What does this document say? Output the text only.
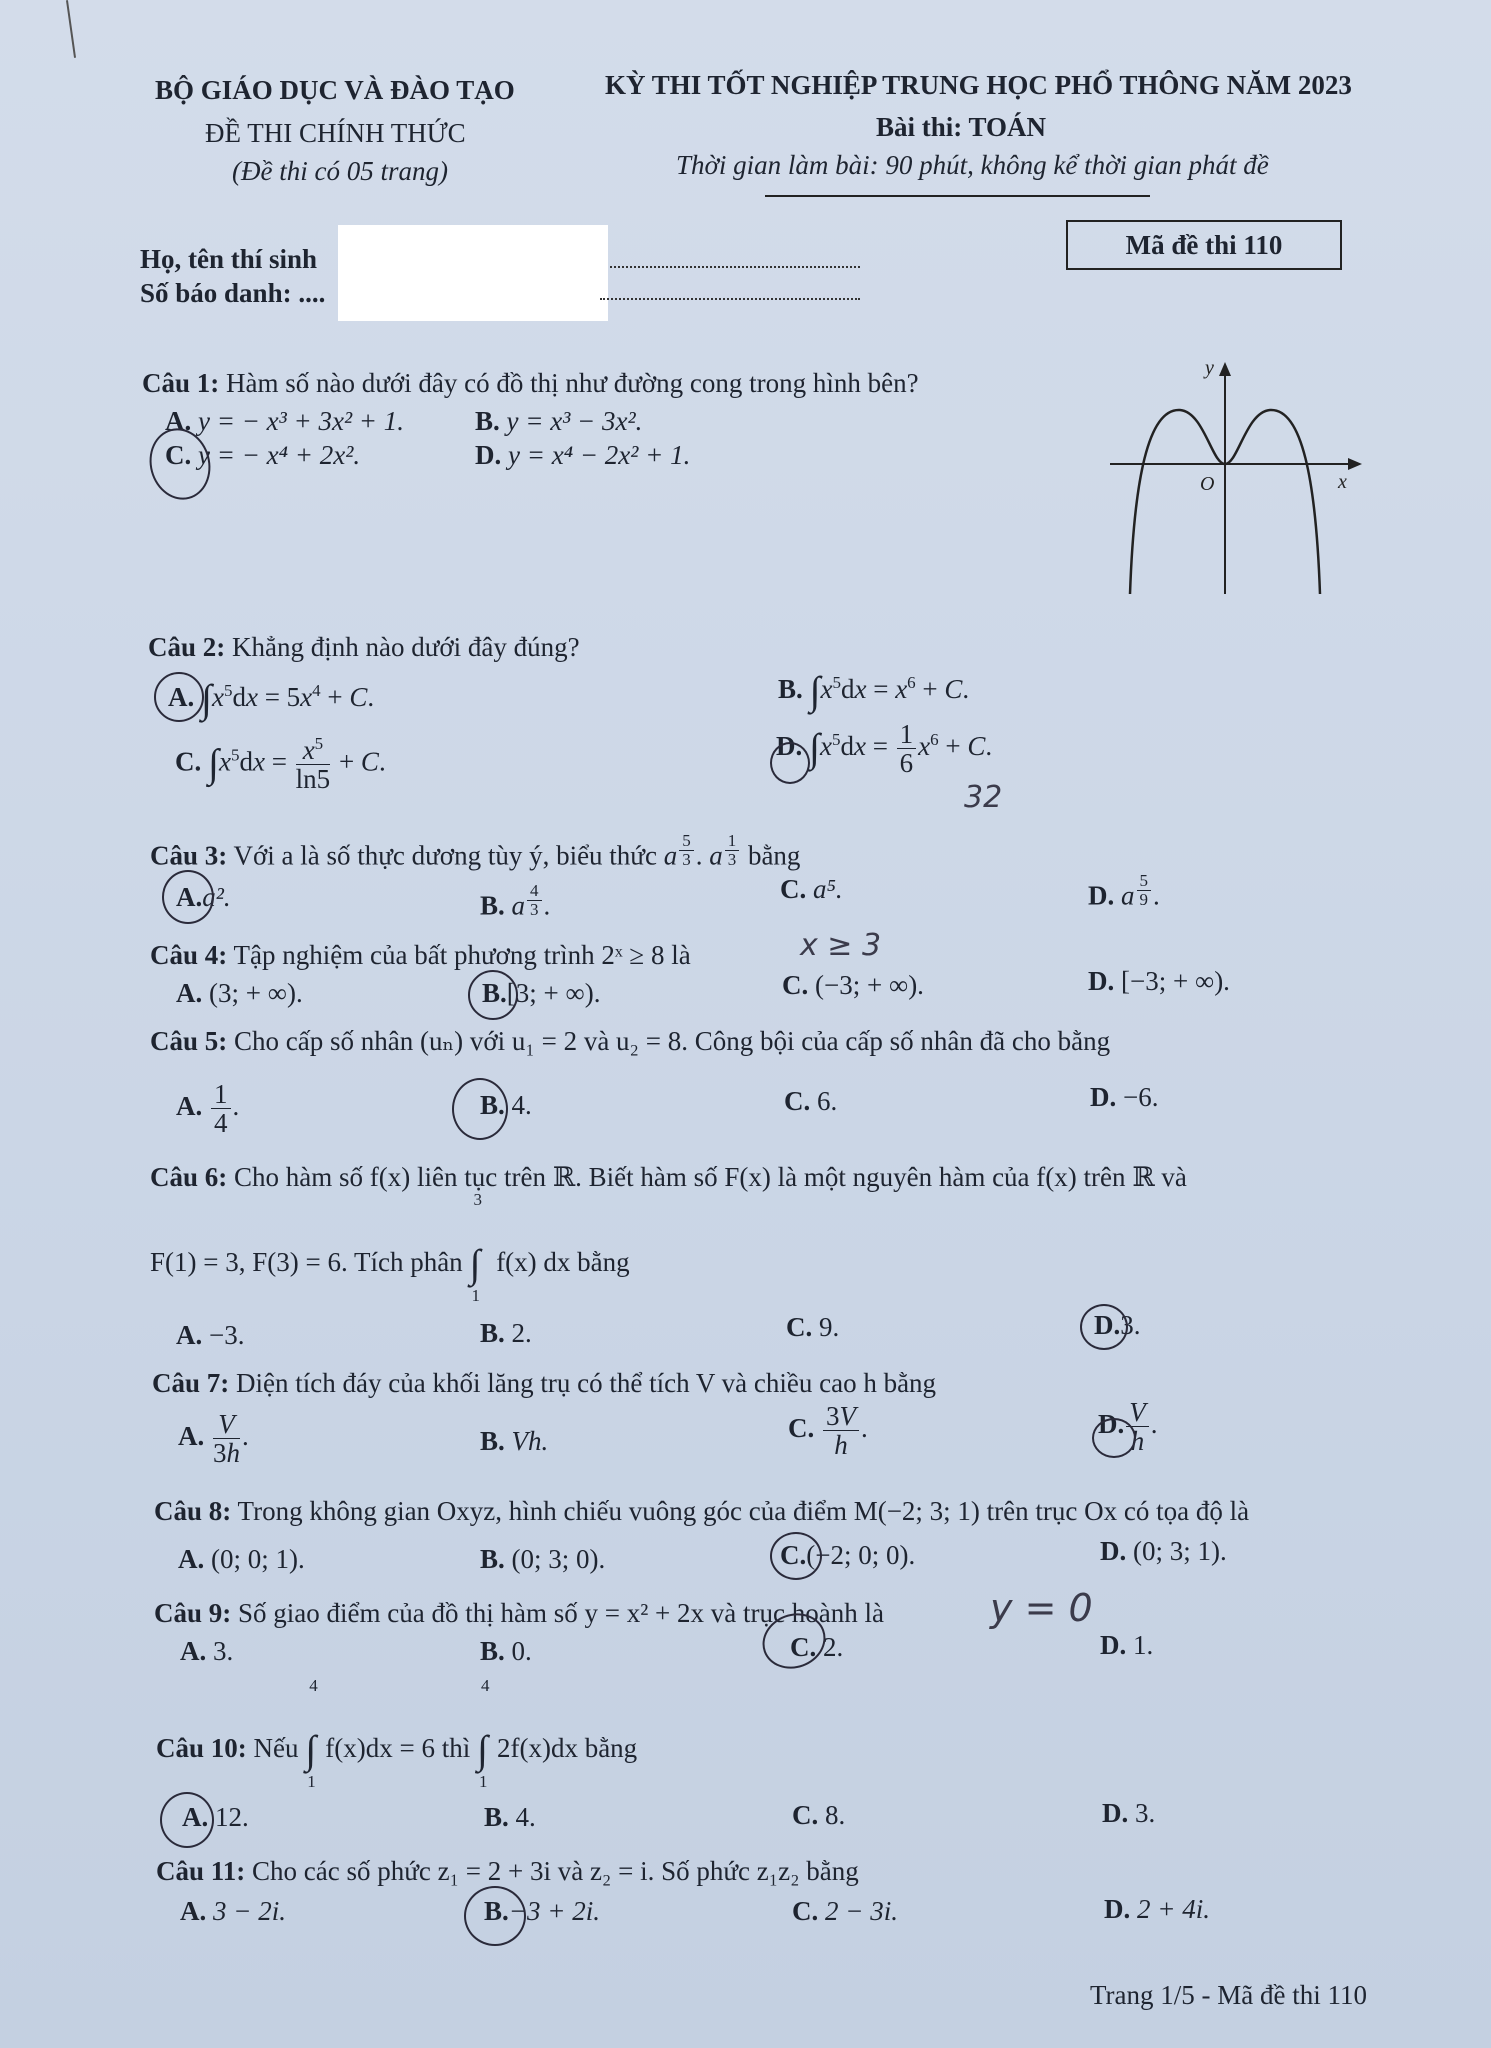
BỘ GIÁO DỤC VÀ ĐÀO TẠO
ĐỀ THI CHÍNH THỨC
(Đề thi có 05 trang)
KỲ THI TỐT NGHIỆP TRUNG HỌC PHỔ THÔNG NĂM 2023
Bài thi: TOÁN
Thời gian làm bài: 90 phút, không kể thời gian phát đề
Họ, tên thí sinh
Số báo danh: ....
Mã đề thi 110
Câu 1: Hàm số nào dưới đây có đồ thị như đường cong trong hình bên?
A. y = − x³ + 3x² + 1.	B. y = x³ − 3x².
C. y = − x⁴ + 2x².	D. y = x⁴ − 2x² + 1.
y
x
O
Câu 2: Khẳng định nào dưới đây đúng?
A. $\int x^5dx = 5x^4 + C$.	B. $\int x^5dx = x^6 + C$.
C. $\int x^5dx = \frac{x^5}{\ln 5} + C$.
D. $\int x^5dx = \frac{1}{6} x^6 + C$.
32
Câu 3: Với a là số thực dương tùy ý, biểu thức a $^{\frac{5}{3}}$ . a $^{\frac{1}{3}}$ bằng
A.a².	B. a $^{\frac{4}{3}}$ .
C. a⁵.	D. a $^{\frac{5}{9}}$ .
Câu 4: Tập nghiệm của bất phương trình 2ˣ ≥ 8 là	x ≥ 3
A. (3; + ∞).	B.[3; + ∞).	C. (−3; + ∞).	D. [−3; + ∞).
Câu 5: Cho cấp số nhân (uₙ) với u₁ = 2 và u₂ = 8. Công bội của cấp số nhân đã cho bằng
A. $\frac{1}{4}$ .	B. 4.	C. 6.	D. −6.
Câu 6: Cho hàm số f(x) liên tục trên ℝ. Biết hàm số F(x) là một nguyên hàm của f(x) trên ℝ và
F(1) = 3, F(3) = 6. Tích phân
3
∫
1
f(x) dx bằng
A. −3.	B. 2.	C. 9.	D.3.
Câu 7: Diện tích đáy của khối lăng trụ có thể tích V và chiều cao h bằng
A. $\frac{V}{3h}$ .	B. Vh.	C. $\frac{3V}{h}$ .	D. $\frac{V}{h}$ .
Câu 8: Trong không gian Oxyz, hình chiếu vuông góc của điểm M(−2; 3; 1) trên trục Ox có tọa độ là
A. (0; 0; 1).	B. (0; 3; 0).	C.(−2; 0; 0).	D. (0; 3; 1).
Câu 9: Số giao điểm của đồ thị hàm số y = x² + 2x và trục hoành là	y = 0
A. 3.	B. 0.	C. 2.	D. 1.
Câu 10: Nếu
4
∫
1
f(x)dx = 6 thì
4
∫
1
2f(x)dx bằng
A. 12.	B. 4.	C. 8.	D. 3.
Câu 11: Cho các số phức z₁ = 2 + 3i và z₂ = i. Số phức z₁z₂ bằng
A. 3 − 2i.	B.−3 + 2i.	C. 2 − 3i.	D. 2 + 4i.
Trang 1/5 - Mã đề thi 110
